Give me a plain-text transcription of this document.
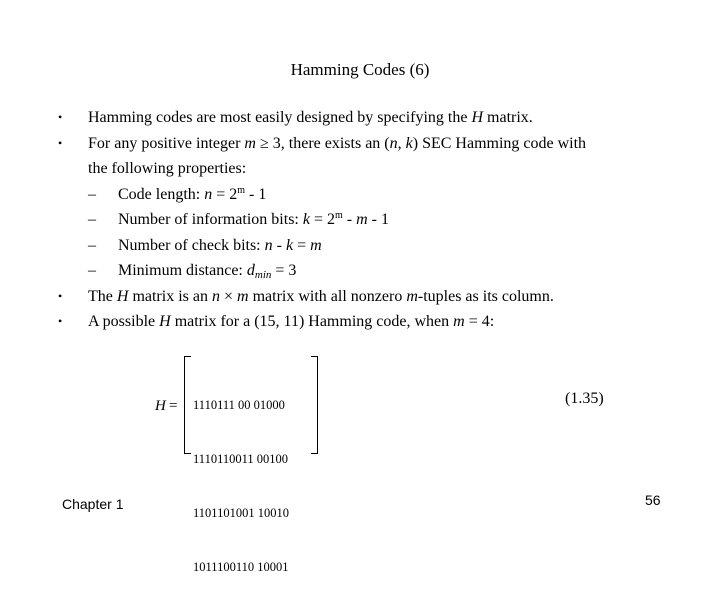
Hamming Codes (6)
• Hamming codes are most easily designed by specifying the H matrix.
• For any positive integer m ≥ 3, there exists an (n, k) SEC Hamming code with
the following properties:
– Code length: $n = 2^m - 1$
– Number of information bits: $k = 2^m - m - 1$
– Number of check bits: n - k = m
– Minimum distance: $d_{min} = 3$
• The H matrix is an n × m matrix with all nonzero m-tuples as its column.
• A possible H matrix for a (15, 11) Hamming code, when m = 4:
H =

1110111 00 01000

1110110011 00100

1101101001 10010

1011100110 10001

(1.35)
Chapter 1	56
